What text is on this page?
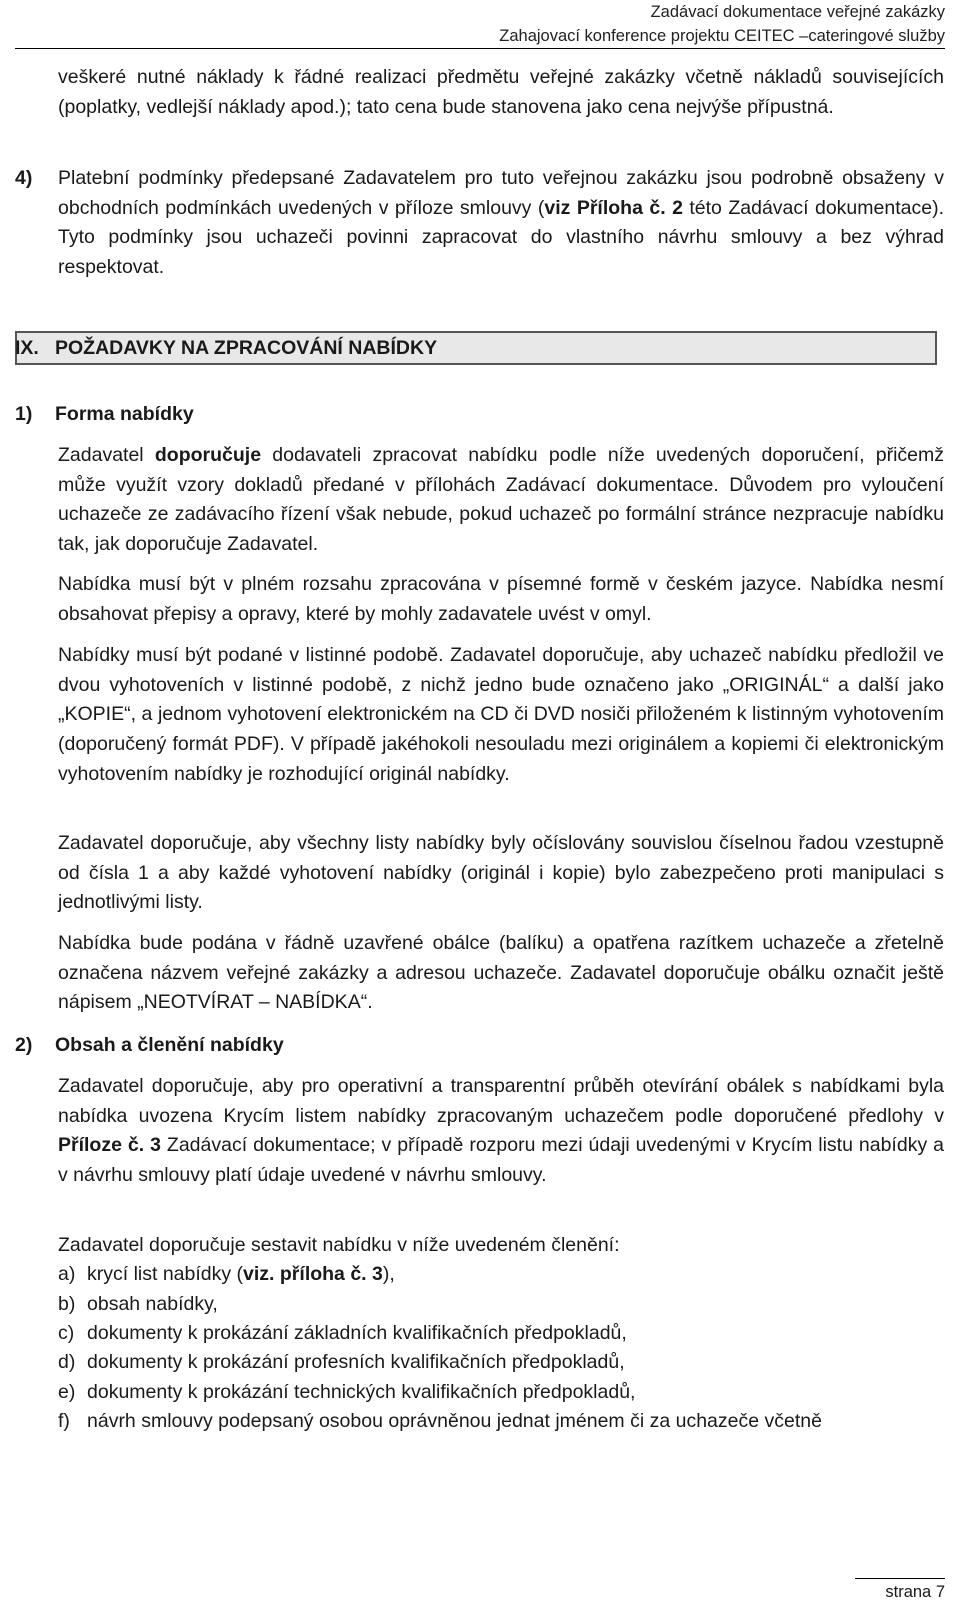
Zadávací dokumentace veřejné zakázky
Zahajovací konference projektu CEITEC –cateringové služby

veškeré nutné náklady k řádné realizaci předmětu veřejné zakázky včetně nákladů souvisejících (poplatky, vedlejší náklady apod.); tato cena bude stanovena jako cena nejvýše přípustná.

4) Platební podmínky předepsané Zadavatelem pro tuto veřejnou zakázku jsou podrobně obsaženy v obchodních podmínkách uvedených v příloze smlouvy (viz Příloha č. 2 této Zadávací dokumentace). Tyto podmínky jsou uchazeči povinni zapracovat do vlastního návrhu smlouvy a bez výhrad respektovat.

IX. POŽADAVKY NA ZPRACOVÁNÍ NABÍDKY
1) Forma nabídky

Zadavatel doporučuje dodavateli zpracovat nabídku podle níže uvedených doporučení, přičemž může využít vzory dokladů předané v přílohách Zadávací dokumentace. Důvodem pro vyloučení uchazeče ze zadávacího řízení však nebude, pokud uchazeč po formální stránce nezpracuje nabídku tak, jak doporučuje Zadavatel.

Nabídka musí být v plném rozsahu zpracována v písemné formě v českém jazyce. Nabídka nesmí obsahovat přepisy a opravy, které by mohly zadavatele uvést v omyl.

Nabídky musí být podané v listinné podobě. Zadavatel doporučuje, aby uchazeč nabídku předložil ve dvou vyhotoveních v listinné podobě, z nichž jedno bude označeno jako „ORIGINÁL“ a další jako „KOPIE“, a jednom vyhotovení elektronickém na CD či DVD nosiči přiloženém k listinným vyhotovením (doporučený formát PDF). V případě jakéhokoli nesouladu mezi originálem a kopiemi či elektronickým vyhotovením nabídky je rozhodující originál nabídky.

Zadavatel doporučuje, aby všechny listy nabídky byly očíslovány souvislou číselnou řadou vzestupně od čísla 1 a aby každé vyhotovení nabídky (originál i kopie) bylo zabezpečeno proti manipulaci s jednotlivými listy.

Nabídka bude podána v řádně uzavřené obálce (balíku) a opatřena razítkem uchazeče a zřetelně označena názvem veřejné zakázky a adresou uchazeče. Zadavatel doporučuje obálku označit ještě nápisem „NEOTVÍRAT – NABÍDKA“.

2) Obsah a členění nabídky

Zadavatel doporučuje, aby pro operativní a transparentní průběh otevírání obálek s nabídkami byla nabídka uvozena Krycím listem nabídky zpracovaným uchazečem podle doporučené předlohy v Příloze č. 3 Zadávací dokumentace; v případě rozporu mezi údaji uvedenými v Krycím listu nabídky a v návrhu smlouvy platí údaje uvedené v návrhu smlouvy.

Zadavatel doporučuje sestavit nabídku v níže uvedeném členění:
a) krycí list nabídky (viz. příloha č. 3),
b) obsah nabídky,
c) dokumenty k prokázání základních kvalifikačních předpokladů,
d) dokumenty k prokázání profesních kvalifikačních předpokladů,
e) dokumenty k prokázání technických kvalifikačních předpokladů,
f) návrh smlouvy podepsaný osobou oprávněnou jednat jménem či za uchazeče včetně
strana 7
